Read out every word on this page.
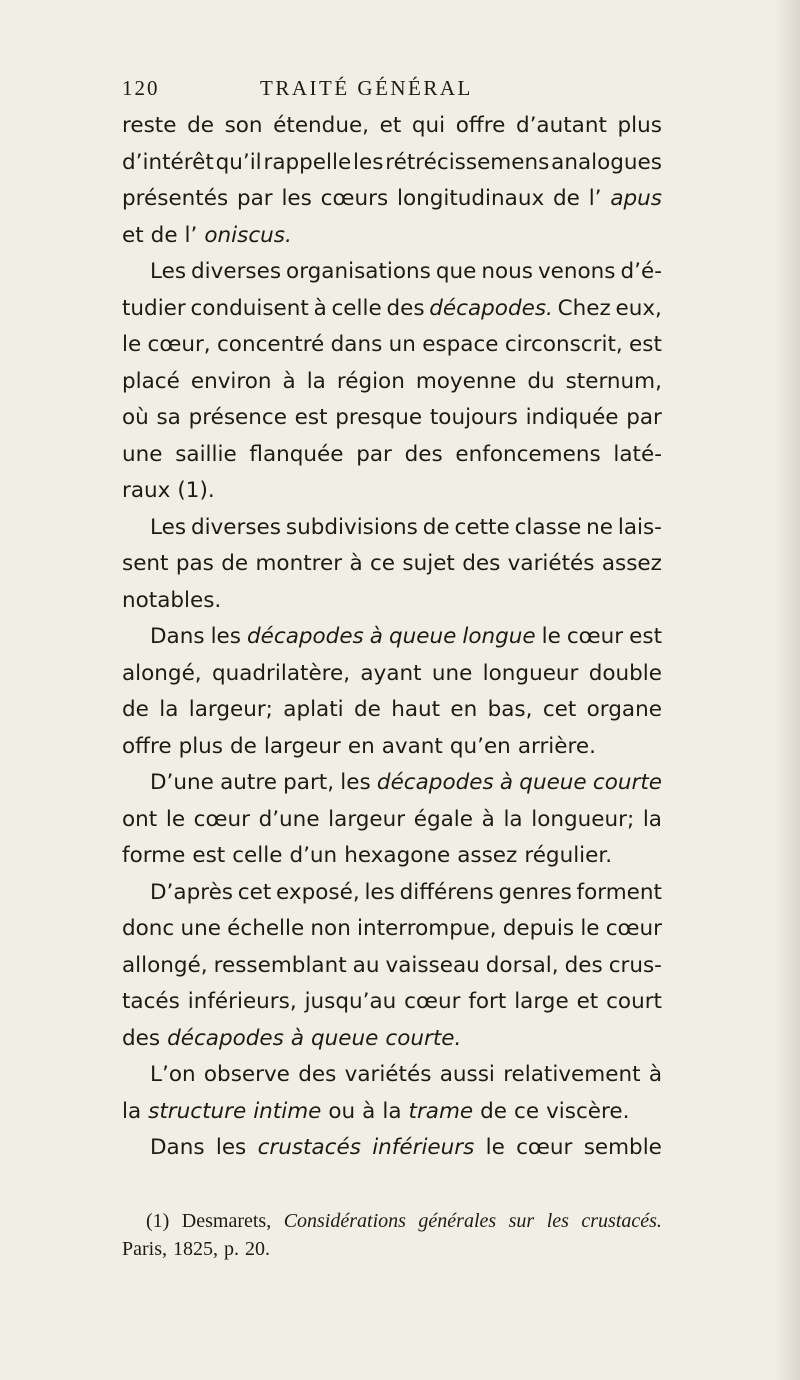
120	TRAITÉ GÉNÉRAL
reste de son étendue, et qui offre d’autant plus
d’intérêt qu’il rappelle les rétrécissemens analogues
présentés par les cœurs longitudinaux de l’ apus
et de l’ oniscus.
Les diverses organisations que nous venons d’é-
tudier conduisent à celle des décapodes. Chez eux,
le cœur, concentré dans un espace circonscrit, est
placé environ à la région moyenne du sternum,
où sa présence est presque toujours indiquée par
une saillie flanquée par des enfoncemens laté-
raux (1).
Les diverses subdivisions de cette classe ne lais-
sent pas de montrer à ce sujet des variétés assez
notables.
Dans les décapodes à queue longue le cœur est
alongé, quadrilatère, ayant une longueur double
de la largeur; aplati de haut en bas, cet organe
offre plus de largeur en avant qu’en arrière.
D’une autre part, les décapodes à queue courte
ont le cœur d’une largeur égale à la longueur; la
forme est celle d’un hexagone assez régulier.
D’après cet exposé, les différens genres forment
donc une échelle non interrompue, depuis le cœur
allongé, ressemblant au vaisseau dorsal, des crus-
tacés inférieurs, jusqu’au cœur fort large et court
des décapodes à queue courte.
L’on observe des variétés aussi relativement à
la structure intime ou à la trame de ce viscère.
Dans les crustacés inférieurs le cœur semble
(1) Desmarets, Considérations générales sur les crustacés.
Paris, 1825, p. 20.
